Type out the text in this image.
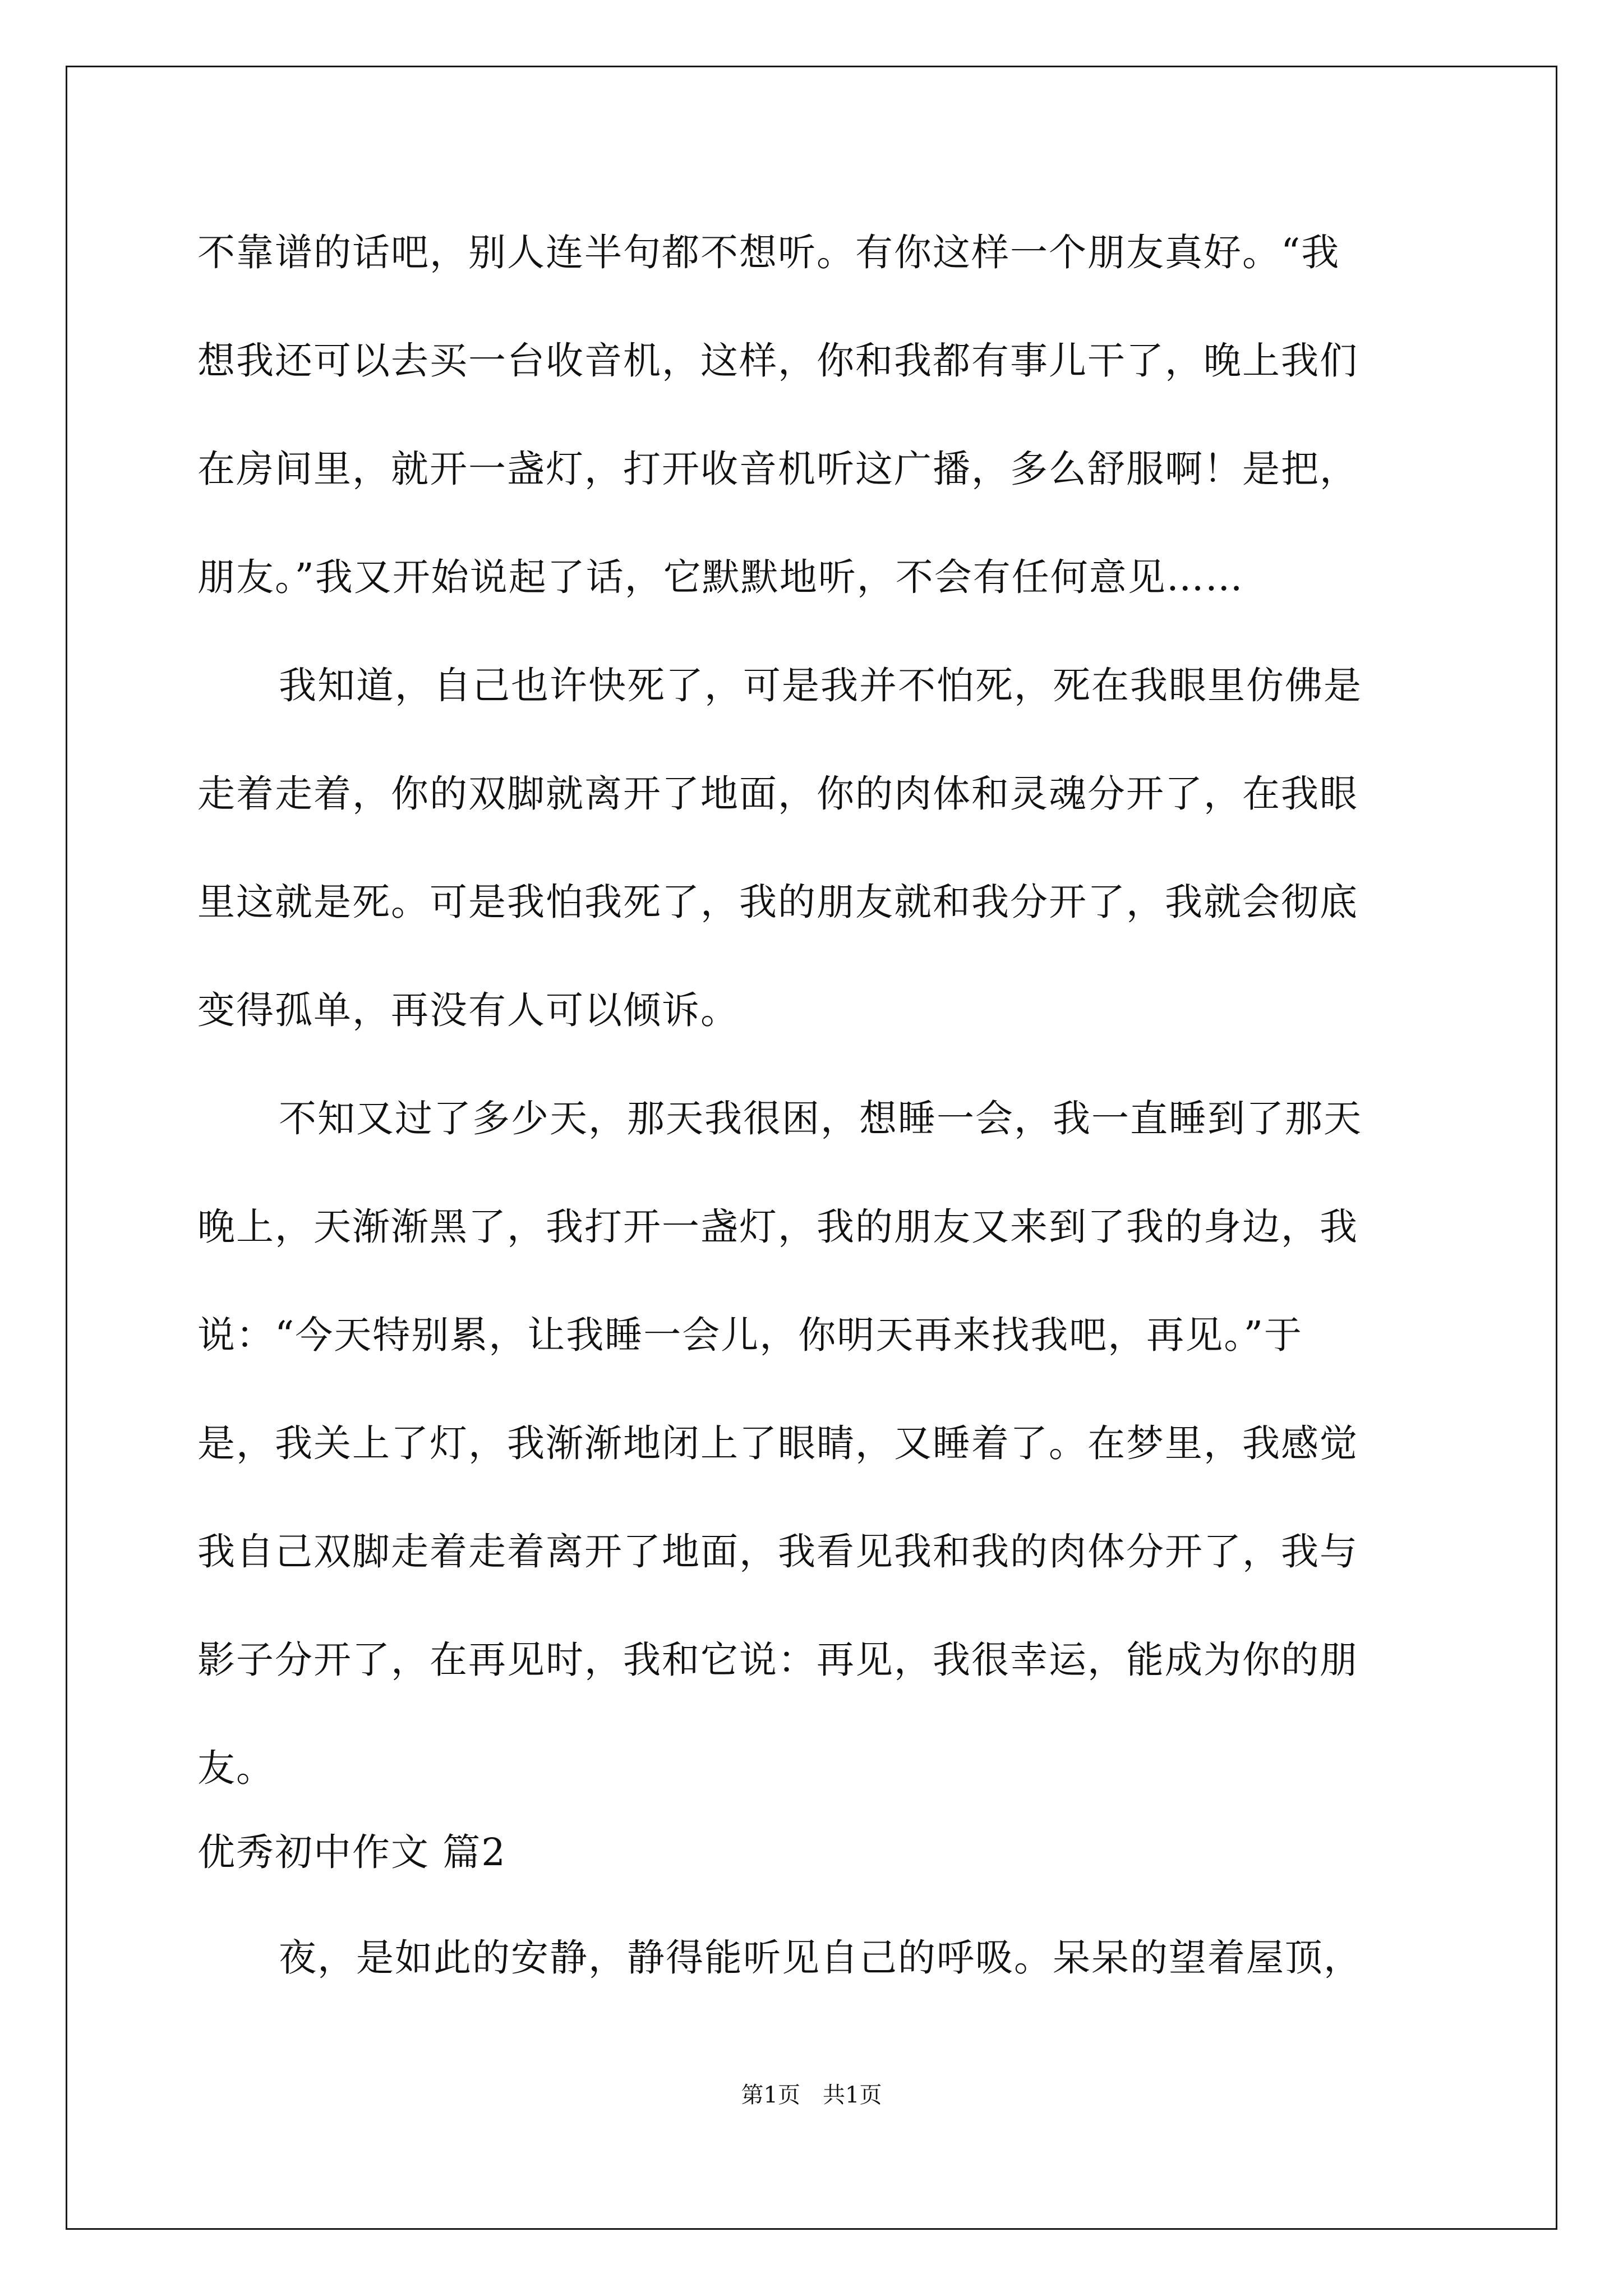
不靠谱的话吧，别人连半句都不想听。有你这样一个朋友真好。“我
想我还可以去买一台收音机，这样，你和我都有事儿干了，晚上我们
在房间里，就开一盏灯，打开收音机听这广播，多么舒服啊！是把，
朋友。”我又开始说起了话，它默默地听，不会有任何意见……
我知道，自己也许快死了，可是我并不怕死，死在我眼里仿佛是
走着走着，你的双脚就离开了地面，你的肉体和灵魂分开了，在我眼
里这就是死。可是我怕我死了，我的朋友就和我分开了，我就会彻底
变得孤单，再没有人可以倾诉。
不知又过了多少天，那天我很困，想睡一会，我一直睡到了那天
晚上，天渐渐黑了，我打开一盏灯，我的朋友又来到了我的身边，我
说：“今天特别累，让我睡一会儿，你明天再来找我吧，再见。”于
是，我关上了灯，我渐渐地闭上了眼睛，又睡着了。在梦里，我感觉
我自己双脚走着走着离开了地面，我看见我和我的肉体分开了，我与
影子分开了，在再见时，我和它说：再见，我很幸运，能成为你的朋
友。
优秀初中作文 篇2
夜，是如此的安静，静得能听见自己的呼吸。呆呆的望着屋顶，
第1页　共1页
